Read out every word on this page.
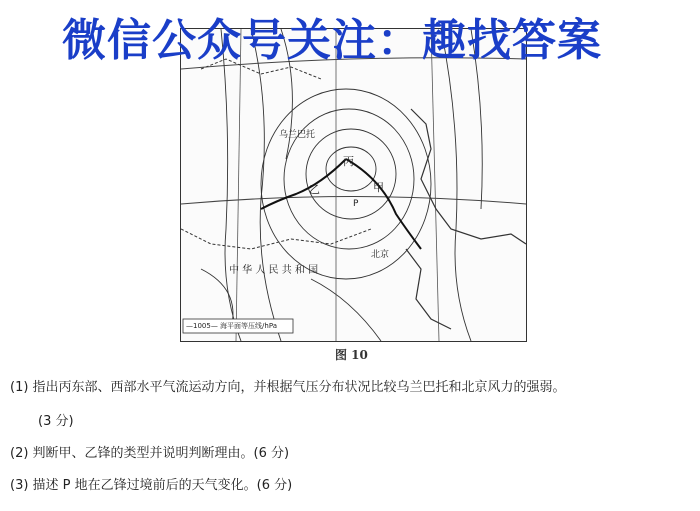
微信公众号关注：趣找答案
乌兰巴托
甲
乙
丙
P
中 华 人 民 共 和 国
北京
—1005— 海平面等压线/hPa
图 10
(1) 指出丙东部、西部水平气流运动方向，并根据气压分布状况比较乌兰巴托和北京风力的强弱。
(3 分)
(2) 判断甲、乙锋的类型并说明判断理由。(6 分)
(3) 描述 P 地在乙锋过境前后的天气变化。(6 分)
